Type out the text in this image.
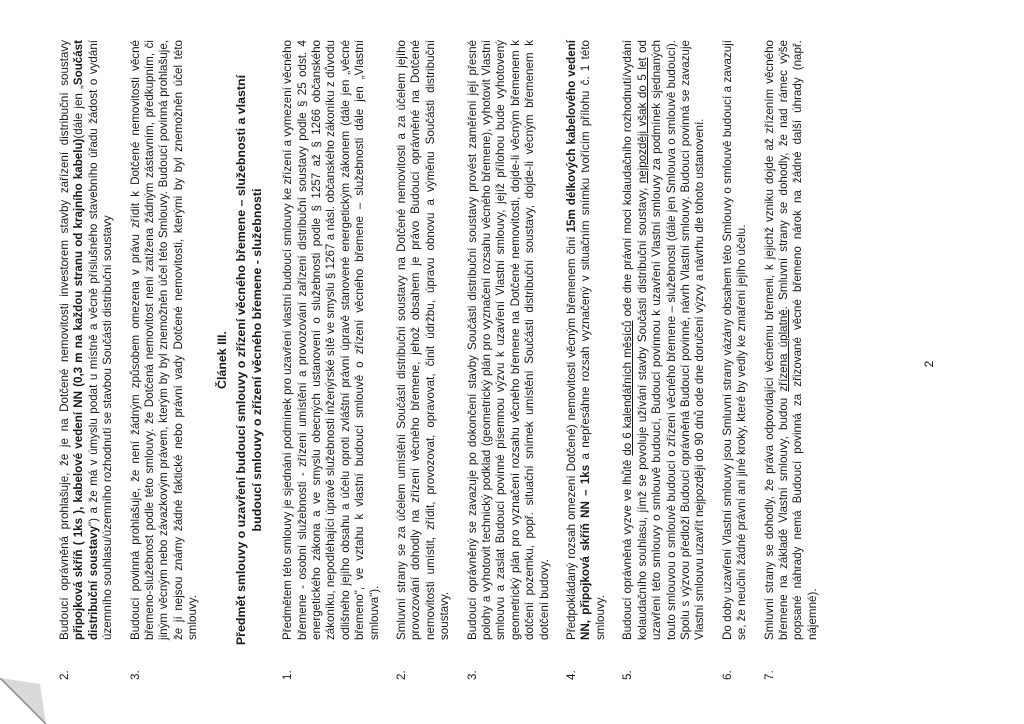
2.
Budoucí oprávněná prohlašuje, že je na Dotčené nemovitosti investorem stavby zařízení distribuční soustavy připojková skříň ( 1ks ), kabelové vedení NN (0,3 m na každou stranu od krajního kabelu)(dále jen „Součást distribuční soustavy") a že má v úmyslu podat u místně a věcně příslušného stavebního úřadu žádost o vydání územního souhlasu/územního rozhodnutí se stavbou Součásti distribuční soustavy
3.
Budoucí povinná prohlašuje, že není žádným způsobem omezena v právu zřídit k Dotčené nemovitosti věcné břemeno-služebnost podle této smlouvy. že Dotčená nemovitost není zatížena žádným zástavním, předkupním, či jiným věcným nebo závazkovým právem, kterým by byl znemožněn účel této Smlouvy. Budoucí povinná prohlašuje, že jí nejsou známy žádné faktické nebo právní vady Dotčené nemovitosti, kterými by byl znemožněn účel této smlouvy.
Článek III. Předmět smlouvy o uzavření budoucí smlouvy o zřízení věcného břemene – služebnosti a vlastní budoucí smlouvy o zřízení věcného břemene - služebnosti
1.
Předmětem této smlouvy je sjednání podmínek pro uzavření vlastní budoucí smlouvy ke zřízení a vymezení věcného břemene - osobní služebnosti - zřízení umístění a provozování zařízení distribuční soustavy podle § 25 odst. 4 energetického zákona a ve smyslu obecných ustanovení o služebnosti podle § 1257 až § 1266 občanského zákoníku, nepodléhající úpravě služebnosti inženýrské sítě ve smyslu § 1267 a násl. občanského zákoníku z důvodu odlišného jejího obsahu a účelu oproti zvláštní právní úpravě stanovené energetickým zákonem (dále jen „věcné břemeno", ve vztahu k vlastní budoucí smlouvě o zřízení věcného břemene – služebnosti dále jen „Vlastní smlouva").
2.
Smluvní strany se za účelem umístění Součásti distribuční soustavy na Dotčené nemovitosti a za účelem jejího provozování dohodly na zřízení věcného břemene, jehož obsahem je právo Budoucí oprávněné na Dotčené nemovitosti umístit, zřídit, provozovat, opravovat, činit údržbu, úpravu obnovu a výměnu Součásti distribuční soustavy.
3.
Budoucí oprávněný se zavazuje po dokončení stavby Součásti distribuční soustavy provést zaměření její přesné polohy a vyhotovit technický podklad (geometrický plán pro vyznačení rozsahu věcného břemene), vyhotovit Vlastní smlouvu a zaslat Budoucí povinné písemnou výzvu k uzavření Vlastní smlouvy, jejíž přílohou bude vyhotovený geometrický plán pro vyznačení rozsahu věcného břemene na Dotčené nemovitosti, dojde-li věcným břemenem k dotčení pozemku, popř. situační snímek umístění Součásti distribuční soustavy, dojde-li věcným břemenem k dotčení budovy.
4.
Předpokládaný rozsah omezení Dotčené) nemovitosti věcným břemenem činí 15m délkových kabelového vedení NN, připojková skříň NN – 1ks a nepřesáhne rozsah vyznačený v situačním snímku tvořícím přílohu č. 1 této smlouvy.
5.
Budoucí oprávněná vyzve ve lhůtě do 6 kalendářních měsíců ode dne právní moci kolaudačního rozhodnutí/vydání kolaudačního souhlasu, jímž se povoluje užívání stavby Součásti distribuční soustavy, nejpozději však do 5 let od uzavření této smlouvy o smlouvě budoucí, Budoucí povinnou k uzavření Vlastní smlouvy za podmínek sjednaných touto smlouvou o smlouvě budoucí o zřízení věcného břemene – služebnosti (dále jen Smlouva o smlouvě budoucí). Spolu s výzvou předloží Budoucí oprávněná Budoucí povinné, návrh Vlastní smlouvy. Budoucí povinná se zavazuje Vlastní smlouvu uzavřít nejpozději do 90 dnů ode dne doručení výzvy a návrhu dle tohoto ustanovení.
6.
Do doby uzavření Vlastní smlouvy jsou Smluvní strany vázány obsahem této Smlouvy o smlouvě budoucí a zavazují se, že neučiní žádné právní ani jiné kroky, které by vedly ke zmaření jejího účelu.
7.
Smluvní strany se dohodly, že práva odpovídající věcnému břemeni, k jejichž vzniku dojde až zřízením věcného břemene na základě Vlastní smlouvy, budou zřízena úplatně. Smluvní strany se dohodly, že nad rámec výše popsané náhrady nemá Budoucí povinná za zřizované věcné břemeno nárok na žádné další úhrady (např. nájemné).
2
